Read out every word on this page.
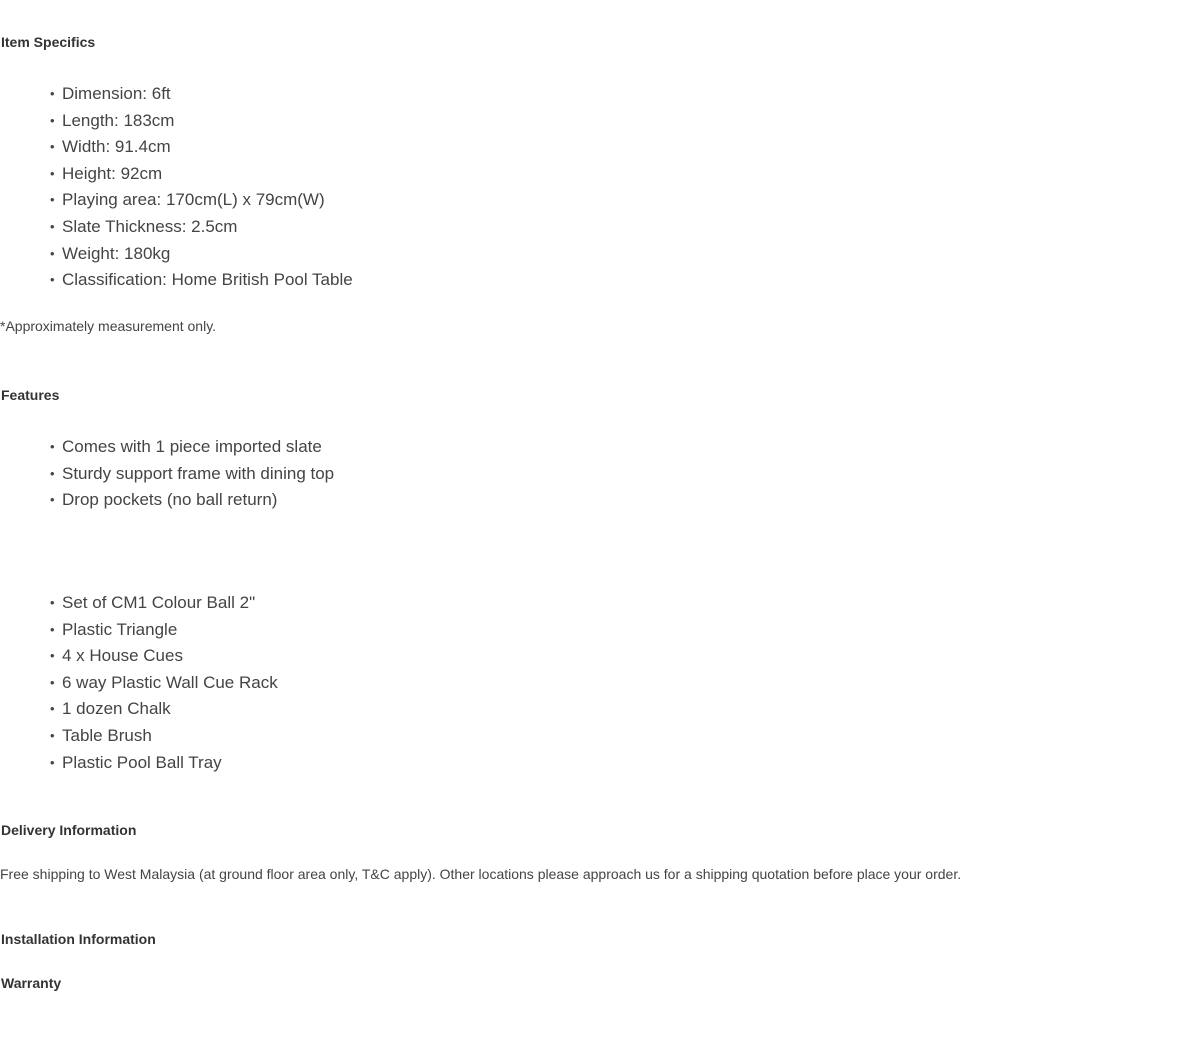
Item Specifics
• Dimension: 6ft
• Length: 183cm
• Width: 91.4cm
• Height: 92cm
• Playing area: 170cm(L) x 79cm(W)
• Slate Thickness: 2.5cm
• Weight: 180kg
• Classification: Home British Pool Table

*Approximately measurement only.

Features
• Comes with 1 piece imported slate
• Sturdy support frame with dining top
• Drop pockets (no ball return)
• Set of CM1 Colour Ball 2"
• Plastic Triangle
• 4 x House Cues
• 6 way Plastic Wall Cue Rack
• 1 dozen Chalk
• Table Brush
• Plastic Pool Ball Tray
Delivery Information

Free shipping to West Malaysia (at ground floor area only, T&C apply). Other locations please approach us for a shipping quotation before place your order.

Installation Information
Warranty
